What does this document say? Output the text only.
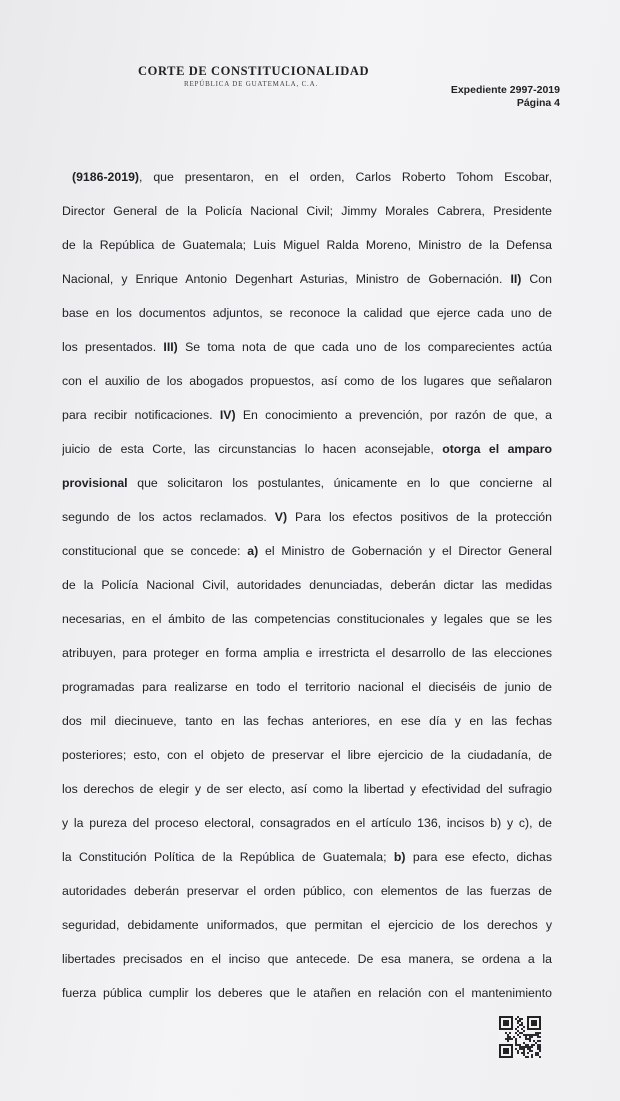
CORTE DE CONSTITUCIONALIDAD
REPÚBLICA DE GUATEMALA, C.A.	Expediente 2997-2019
Página 4
(9186-2019), que presentaron, en el orden, Carlos Roberto Tohom Escobar,
Director General de la Policía Nacional Civil; Jimmy Morales Cabrera, Presidente
de la República de Guatemala; Luis Miguel Ralda Moreno, Ministro de la Defensa
Nacional, y Enrique Antonio Degenhart Asturias, Ministro de Gobernación. II) Con
base en los documentos adjuntos, se reconoce la calidad que ejerce cada uno de
los presentados. III) Se toma nota de que cada uno de los comparecientes actúa
con el auxilio de los abogados propuestos, así como de los lugares que señalaron
para recibir notificaciones. IV) En conocimiento a prevención, por razón de que, a
juicio de esta Corte, las circunstancias lo hacen aconsejable, otorga el amparo
provisional que solicitaron los postulantes, únicamente en lo que concierne al
segundo de los actos reclamados. V) Para los efectos positivos de la protección
constitucional que se concede: a) el Ministro de Gobernación y el Director General
de la Policía Nacional Civil, autoridades denunciadas, deberán dictar las medidas
necesarias, en el ámbito de las competencias constitucionales y legales que se les
atribuyen, para proteger en forma amplia e irrestricta el desarrollo de las elecciones
programadas para realizarse en todo el territorio nacional el dieciséis de junio de
dos mil diecinueve, tanto en las fechas anteriores, en ese día y en las fechas
posteriores; esto, con el objeto de preservar el libre ejercicio de la ciudadanía, de
los derechos de elegir y de ser electo, así como la libertad y efectividad del sufragio
y la pureza del proceso electoral, consagrados en el artículo 136, incisos b) y c), de
la Constitución Política de la República de Guatemala; b) para ese efecto, dichas
autoridades deberán preservar el orden público, con elementos de las fuerzas de
seguridad, debidamente uniformados, que permitan el ejercicio de los derechos y
libertades precisados en el inciso que antecede. De esa manera, se ordena a la
fuerza pública cumplir los deberes que le atañen en relación con el mantenimiento
